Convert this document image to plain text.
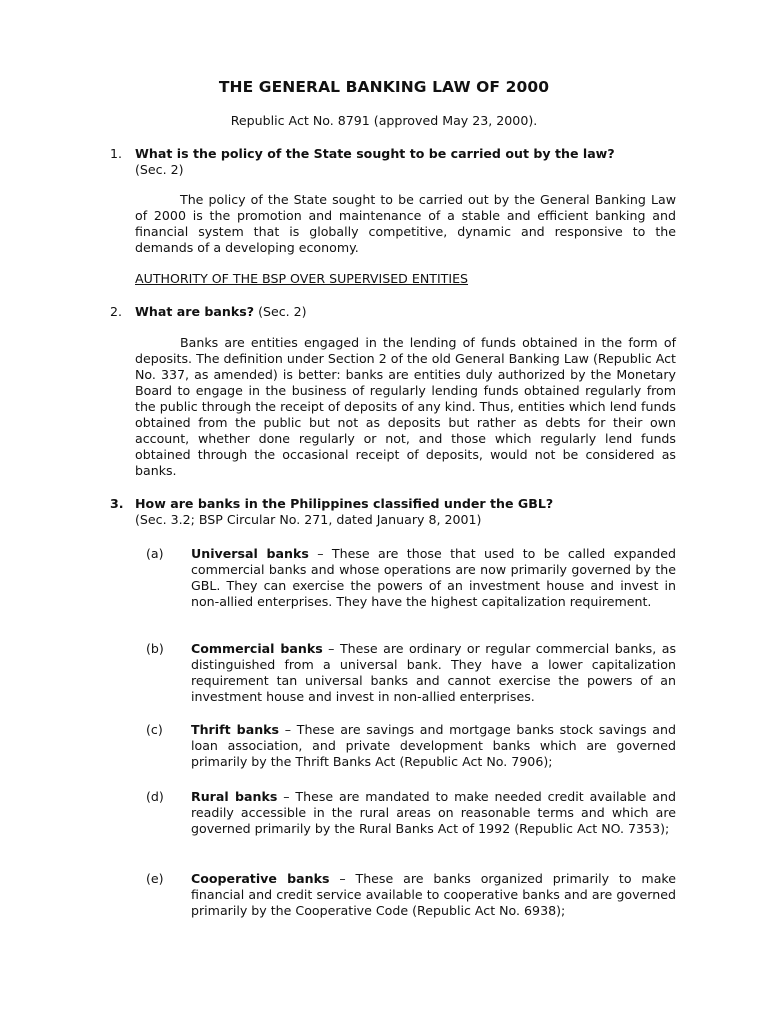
THE GENERAL BANKING LAW OF 2000
Republic Act No. 8791 (approved May 23, 2000).
1. What is the policy of the State sought to be carried out by the law?
(Sec. 2)
The policy of the State sought to be carried out by the General Banking Law of 2000 is the promotion and maintenance of a stable and efficient banking and financial system that is globally competitive, dynamic and responsive to the demands of a developing economy.
AUTHORITY OF THE BSP OVER SUPERVISED ENTITIES
2. What are banks? (Sec. 2)
Banks are entities engaged in the lending of funds obtained in the form of deposits. The definition under Section 2 of the old General Banking Law (Republic Act No. 337, as amended) is better: banks are entities duly authorized by the Monetary Board to engage in the business of regularly lending funds obtained regularly from the public through the receipt of deposits of any kind. Thus, entities which lend funds obtained from the public but not as deposits but rather as debts for their own account, whether done regularly or not, and those which regularly lend funds obtained through the occasional receipt of deposits, would not be considered as banks.
3. How are banks in the Philippines classified under the GBL?
(Sec. 3.2; BSP Circular No. 271, dated January 8, 2001)
(a) Universal banks – These are those that used to be called expanded commercial banks and whose operations are now primarily governed by the GBL. They can exercise the powers of an investment house and invest in non-allied enterprises. They have the highest capitalization requirement.
(b) Commercial banks – These are ordinary or regular commercial banks, as distinguished from a universal bank. They have a lower capitalization requirement tan universal banks and cannot exercise the powers of an investment house and invest in non-allied enterprises.
(c) Thrift banks – These are savings and mortgage banks stock savings and loan association, and private development banks which are governed primarily by the Thrift Banks Act (Republic Act No. 7906);
(d) Rural banks – These are mandated to make needed credit available and readily accessible in the rural areas on reasonable terms and which are governed primarily by the Rural Banks Act of 1992 (Republic Act NO. 7353);
(e) Cooperative banks – These are banks organized primarily to make financial and credit service available to cooperative banks and are governed primarily by the Cooperative Code (Republic Act No. 6938);
